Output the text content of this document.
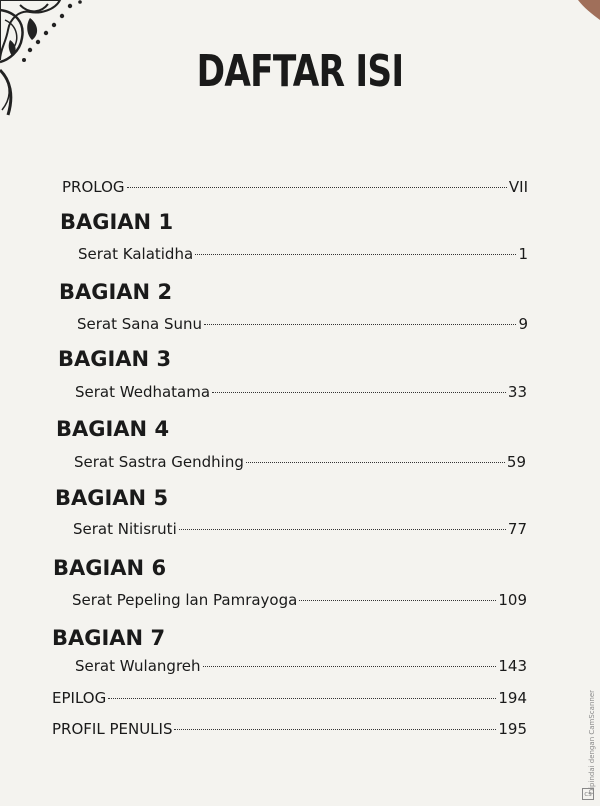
DAFTAR ISI
PROLOG	VII
BAGIAN 1
Serat Kalatidha	1
BAGIAN 2
Serat Sana Sunu	9
BAGIAN 3
Serat Wedhatama	33
BAGIAN 4
Serat Sastra Gendhing	59
BAGIAN 5
Serat Nitisruti	77
BAGIAN 6
Serat Pepeling lan Pamrayoga	109
BAGIAN 7
Serat Wulangreh	143
EPILOG	194
PROFIL PENULIS	195	Dipindai dengan CamScanner
cs
